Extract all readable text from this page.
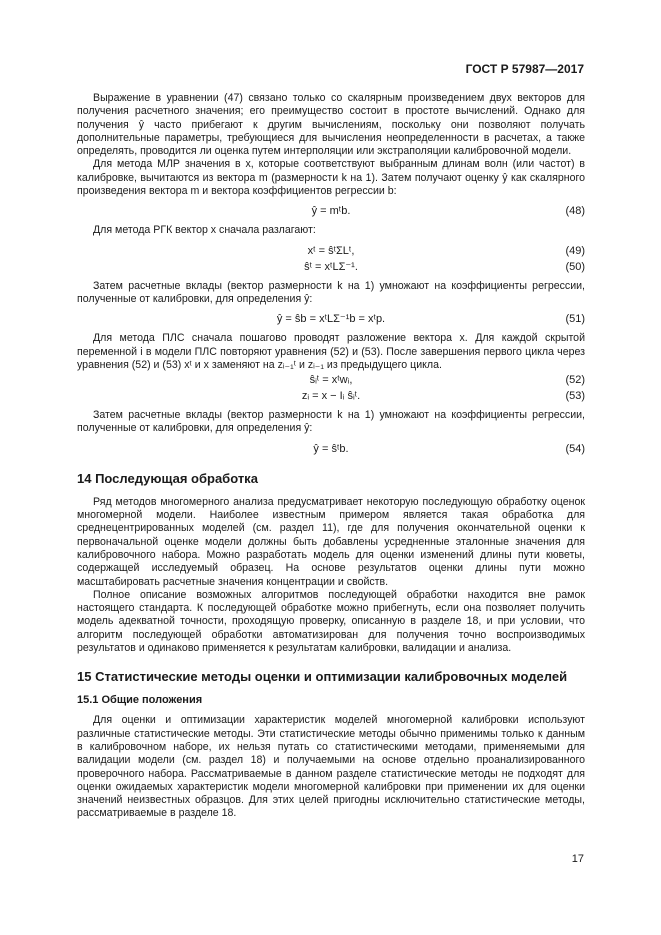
ГОСТ Р 57987—2017

Выражение в уравнении (47) связано только со скалярным произведением двух векторов для получения расчетного значения; его преимущество состоит в простоте вычислений. Однако для получения ŷ часто прибегают к другим вычислениям, поскольку они позволяют получать дополнительные параметры, требующиеся для вычисления неопределенности в расчетах, а также определять, проводится ли оценка путем интерполяции или экстраполяции калибровочной модели.

Для метода МЛР значения в x, которые соответствуют выбранным длинам волн (или частот) в калибровке, вычитаются из вектора m (размерности k на 1). Затем получают оценку ŷ как скалярного произведения вектора m и вектора коэффициентов регрессии b:

ŷ = mᵗb.	(48)

Для метода РГК вектор x сначала разлагают:

xᵗ = ŝᵗΣLᵗ,	(49)
ŝᵗ = xᵗLΣ⁻¹.	(50)

Затем расчетные вклады (вектор размерности k на 1) умножают на коэффициенты регрессии, полученные от калибровки, для определения ŷ:

ŷ = ŝb = xᵗLΣ⁻¹b = xᵗp.	(51)

Для метода ПЛС сначала пошагово проводят разложение вектора x. Для каждой скрытой переменной i в модели ПЛС повторяют уравнения (52) и (53). После завершения первого цикла через уравнения (52) и (53) xᵗ и x заменяют на zᵢ₋₁ᵗ и zᵢ₋₁ из предыдущего цикла.

ŝᵢᵗ = xᵗwᵢ,	(52)
zᵢ = x − Iᵢ ŝᵢᵗ.	(53)

Затем расчетные вклады (вектор размерности k на 1) умножают на коэффициенты регрессии, полученные от калибровки, для определения ŷ:

ŷ = ŝᵗb.	(54)
14 Последующая обработка

Ряд методов многомерного анализа предусматривает некоторую последующую обработку оценок многомерной модели. Наиболее известным примером является такая обработка для среднецентрированных моделей (см. раздел 11), где для получения окончательной оценки к первоначальной оценке модели должны быть добавлены усредненные эталонные значения для калибровочного набора. Можно разработать модель для оценки изменений длины пути кюветы, содержащей исследуемый образец. На основе результатов оценки длины пути можно масштабировать расчетные значения концентрации и свойств.

Полное описание возможных алгоритмов последующей обработки находится вне рамок настоящего стандарта. К последующей обработке можно прибегнуть, если она позволяет получить модель адекватной точности, проходящую проверку, описанную в разделе 18, и при условии, что алгоритм последующей обработки автоматизирован для получения точно воспроизводимых результатов и одинаково применяется к результатам калибровки, валидации и анализа.

15 Статистические методы оценки и оптимизации калибровочных моделей
15.1 Общие положения

Для оценки и оптимизации характеристик моделей многомерной калибровки используют различные статистические методы. Эти статистические методы обычно применимы только к данным в калибровочном наборе, их нельзя путать со статистическими методами, применяемыми для валидации модели (см. раздел 18) и получаемыми на основе отдельно проанализированного проверочного набора. Рассматриваемые в данном разделе статистические методы не подходят для оценки ожидаемых характеристик модели многомерной калибровки при применении их для оценки значений неизвестных образцов. Для этих целей пригодны исключительно статистические методы, рассматриваемые в разделе 18.

17
